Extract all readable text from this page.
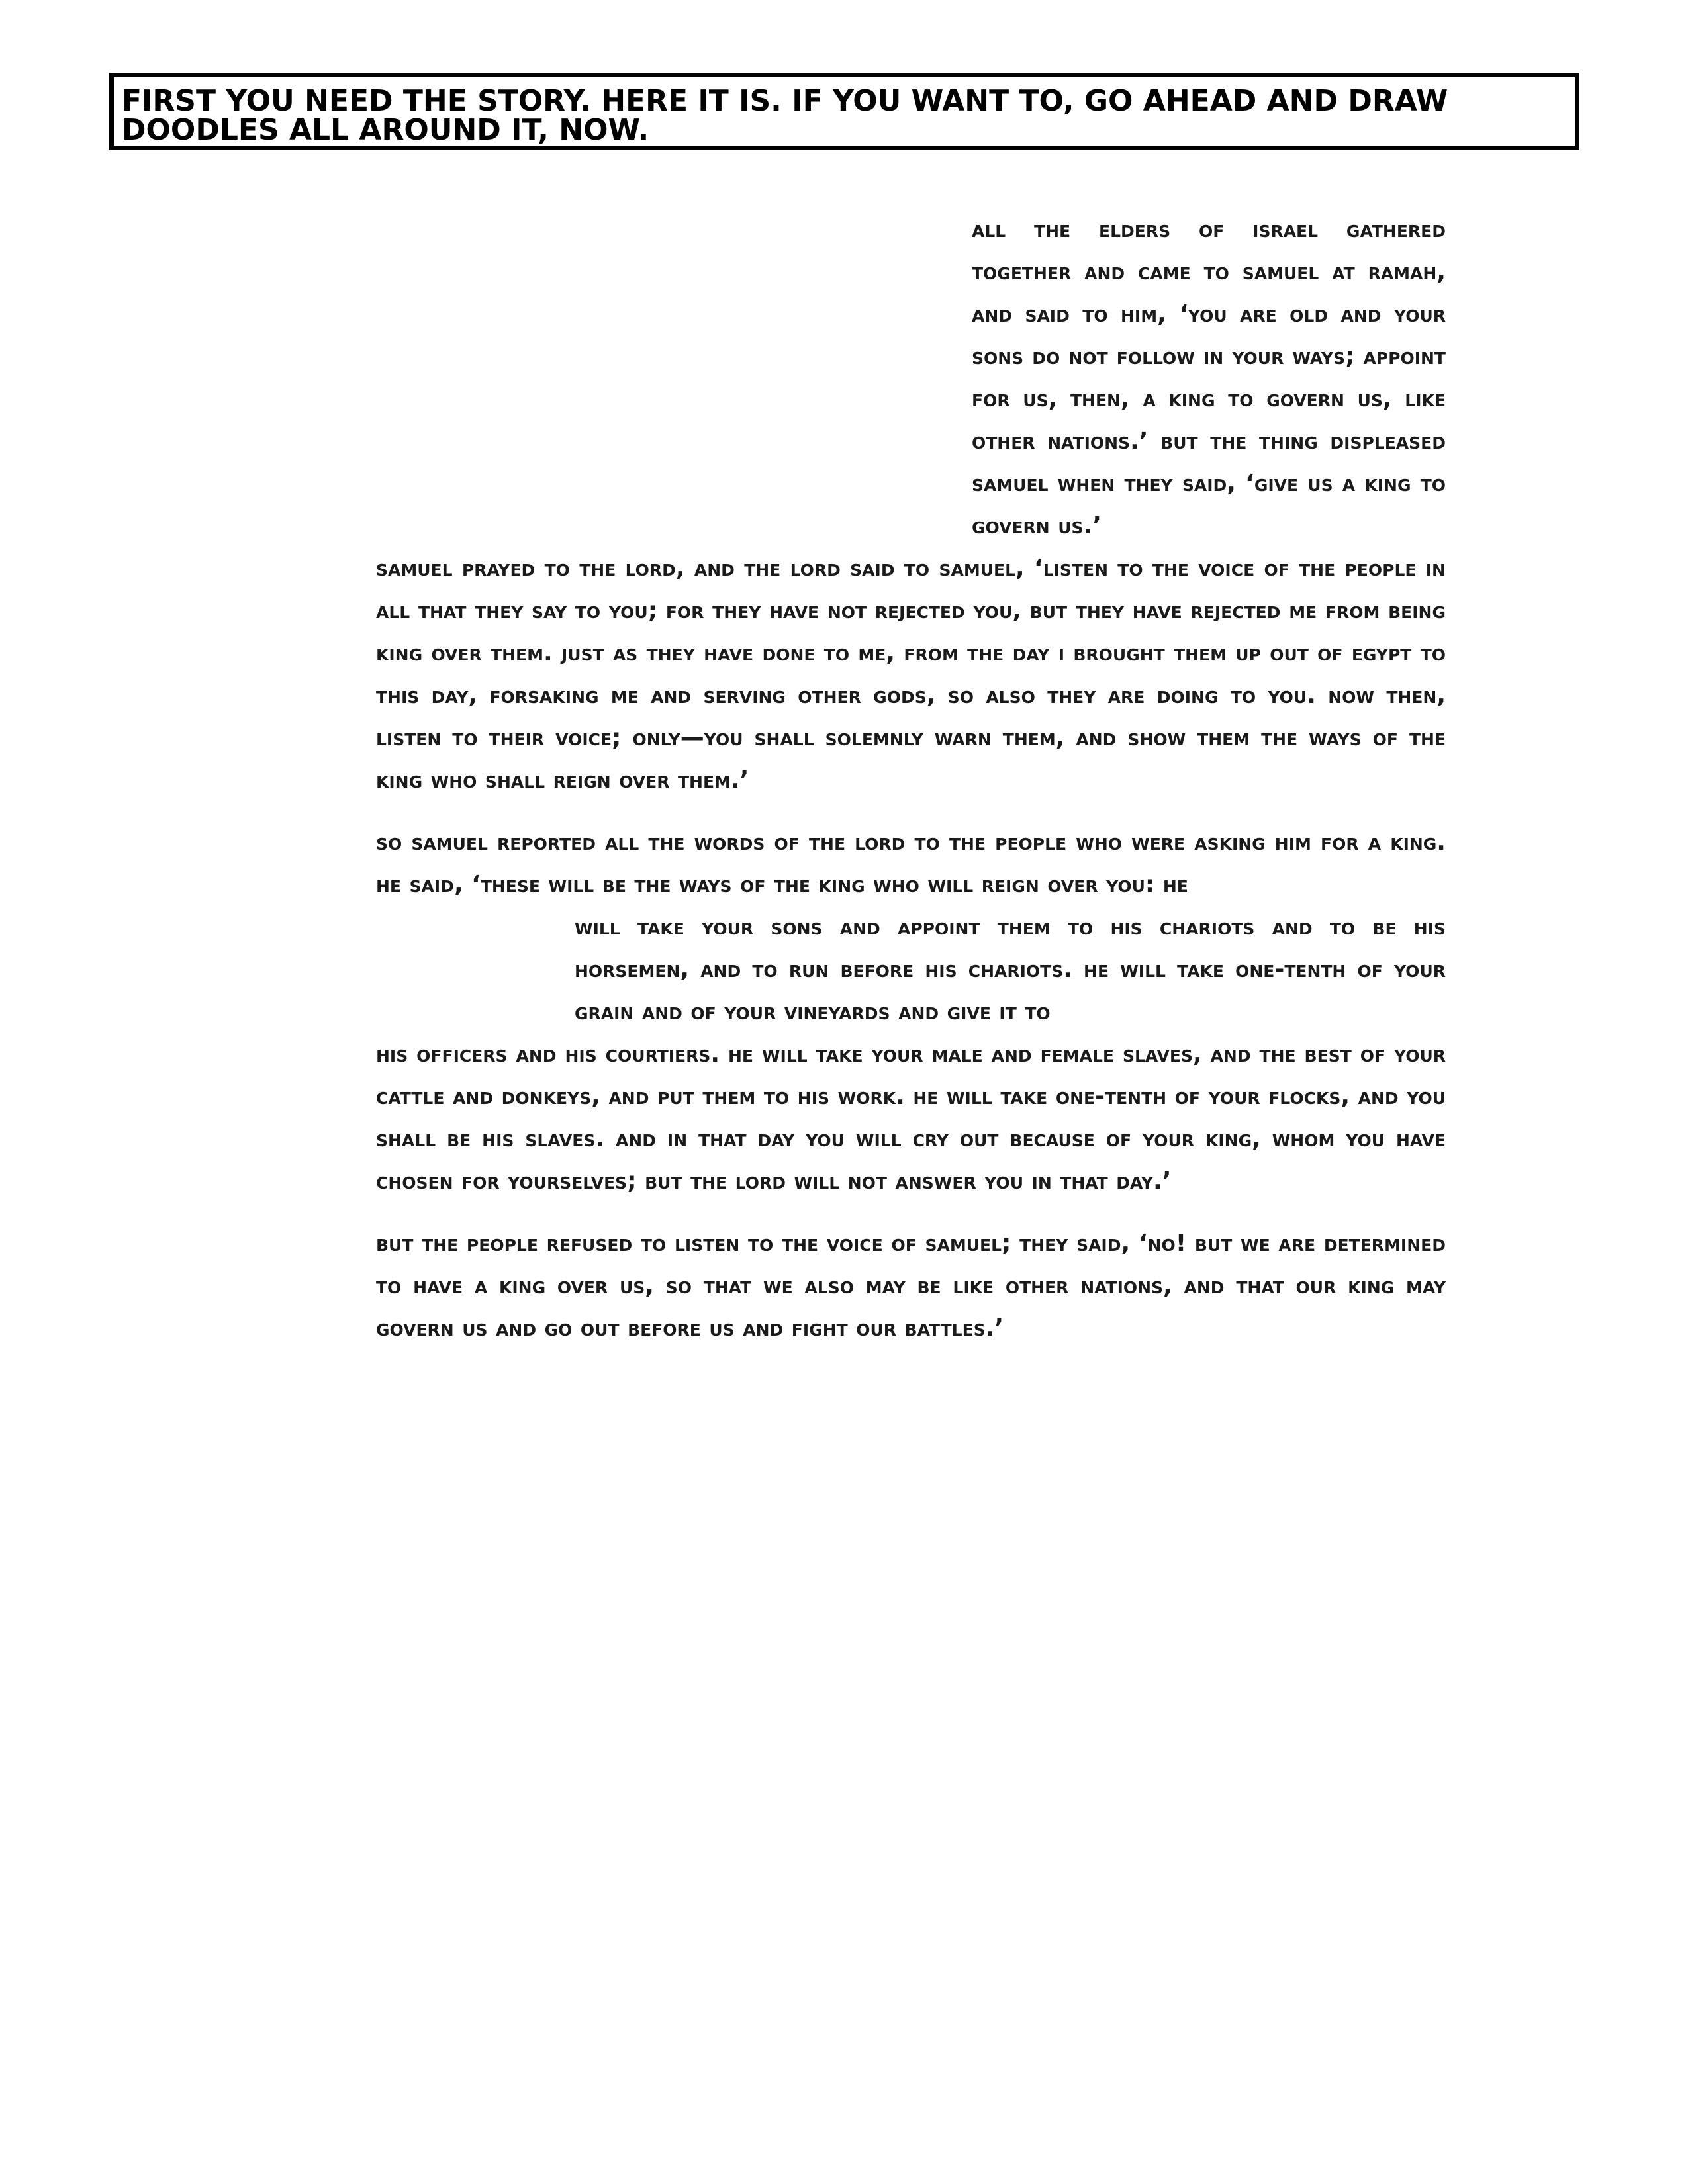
FIRST YOU NEED THE STORY. HERE IT IS. IF YOU WANT TO, GO AHEAD AND DRAW DOODLES ALL AROUND IT, NOW.

all the elders of israel gathered together and came to samuel at ramah, and said to him, ‘you are old and your sons do not follow in your ways; appoint for us, then, a king to govern us, like other nations.’ but the thing displeased samuel when they said, ‘give us a king to govern us.’

samuel prayed to the lord, and the lord said to samuel, ‘listen to the voice of the people in all that they say to you; for they have not rejected you, but they have rejected me from being king over them. just as they have done to me, from the day i brought them up out of egypt to this day, forsaking me and serving other gods, so also they are doing to you. now then, listen to their voice; only—you shall solemnly warn them, and show them the ways of the king who shall reign over them.’

so samuel reported all the words of the lord to the people who were asking him for a king. he said, ‘these will be the ways of the king who will reign over you: he

will take your sons and appoint them to his chariots and to be his horsemen, and to run before his chariots. he will take one-tenth of your grain and of your vineyards and give it to

his officers and his courtiers. he will take your male and female slaves, and the best of your cattle and donkeys, and put them to his work. he will take one-tenth of your flocks, and you shall be his slaves. and in that day you will cry out because of your king, whom you have chosen for yourselves; but the lord will not answer you in that day.’

but the people refused to listen to the voice of samuel; they said, ‘no! but we are determined to have a king over us, so that we also may be like other nations, and that our king may govern us and go out before us and fight our battles.’
